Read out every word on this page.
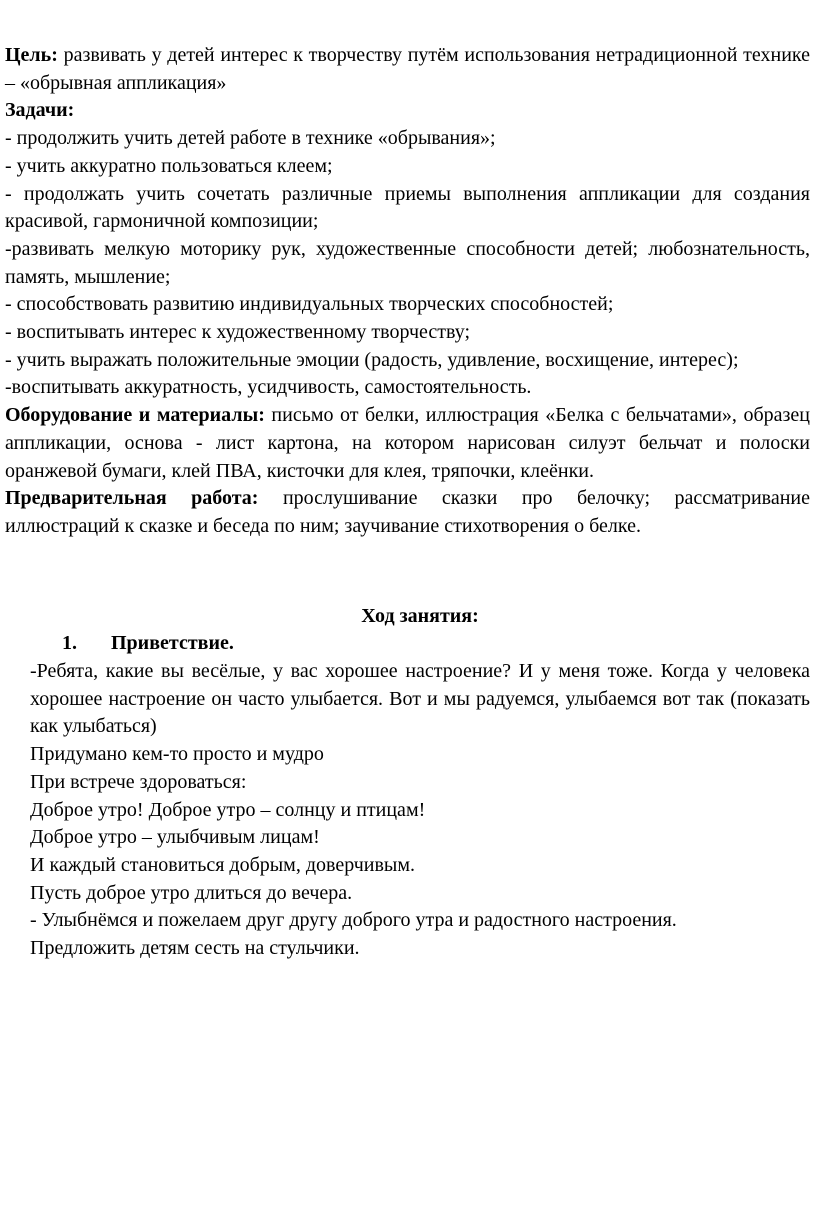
Цель: развивать у детей интерес к творчеству путём использования нетрадиционной технике – «обрывная аппликация»

Задачи:

- продолжить учить детей работе в технике «обрывания»;

- учить аккуратно пользоваться клеем;

- продолжать учить сочетать различные приемы выполнения аппликации для создания красивой, гармоничной композиции;

-развивать мелкую моторику рук, художественные способности детей; любознательность, память, мышление;

- способствовать развитию индивидуальных творческих способностей;

- воспитывать интерес к художественному творчеству;

- учить выражать положительные эмоции (радость, удивление, восхищение, интерес);

-воспитывать аккуратность, усидчивость, самостоятельность.

Оборудование и материалы: письмо от белки, иллюстрация «Белка с бельчатами», образец аппликации, основа - лист картона, на котором нарисован силуэт бельчат и полоски оранжевой бумаги, клей ПВА, кисточки для клея, тряпочки, клеёнки.

Предварительная работа: прослушивание сказки про белочку; рассматривание иллюстраций к сказке и беседа по ним; заучивание стихотворения о белке.

Ход занятия:

1. Приветствие.

-Ребята, какие вы весёлые, у вас хорошее настроение? И у меня тоже. Когда у человека хорошее настроение он часто улыбается. Вот и мы радуемся, улыбаемся вот так (показать как улыбаться)

Придумано кем-то просто и мудро

При встрече здороваться:

Доброе утро! Доброе утро – солнцу и птицам!

Доброе утро – улыбчивым лицам!

И каждый становиться добрым, доверчивым.

Пусть доброе утро длиться до вечера.

- Улыбнёмся и пожелаем друг другу доброго утра и радостного настроения.

Предложить детям сесть на стульчики.
